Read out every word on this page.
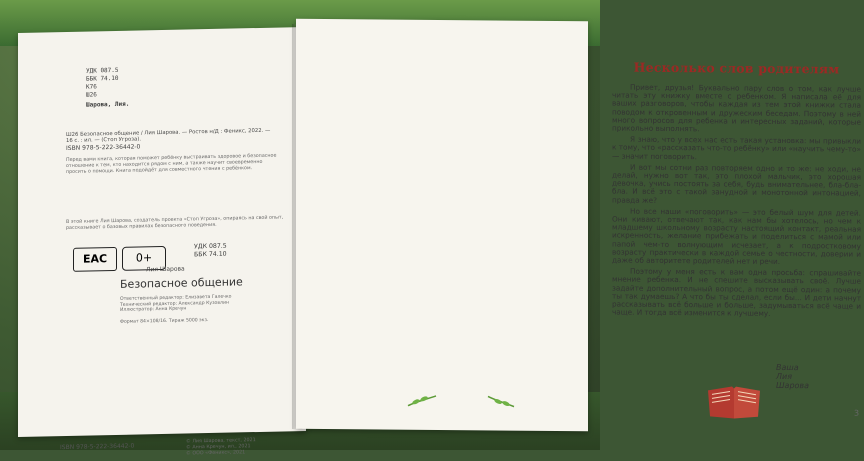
УДК 087.5
ББК 74.10
К76
Ш26
Шарова, Лия.
Ш26 Безопасное общение / Лия Шарова. — Ростов н/Д : Феникс, 2022. — 16 с. : ил. — (Стоп Угроза).
ISBN 978-5-222-36442-0
Перед вами книга, которая поможет ребёнку выстраивать здоровое и безопасное отношение к тем, кто находится рядом с ним, а также научит своевременно просить о помощи. Книга подойдёт для совместного чтения с ребёнком.
В этой книге Лия Шарова, создатель проекта «Стоп Угроза», опираясь на свой опыт, рассказывает о базовых правилах безопасного поведения.
EAC	0+
УДК 087.5
ББК 74.10
Лия Шарова
Безопасное общение
Ответственный редактор: Елизавета Галечко
Технический редактор: Александр Кузовлин
Иллюстратор: Анна Кречун
Формат 84×108/16. Тираж 5000 экз.
ISBN 978-5-222-36442-0
© Лия Шарова, текст, 2021
© Анна Кречун, ил., 2021
© ООО «Феникс», 2021
Несколько слов родителям

Привет, друзья! Буквально пару слов о том, как лучше читать эту книжку вместе с ребенком. Я написала её для ваших разговоров, чтобы каждая из тем этой книжки стала поводом к откровенным и дружеским беседам. Поэтому в ней много вопросов для ребенка и интересных заданий, которые прикольно выполнять.

Я знаю, что у всех нас есть такая установка: мы привыкли к тому, что «рассказать что-то ребёнку» или «научить чему-то» — значит поговорить.

И вот мы сотни раз повторяем одно и то же: не ходи, не делай, нужно вот так, это плохой мальчик, это хорошая девочка, учись постоять за себя, будь внимательнее, бла-бла-бла. И всё это с такой занудной и монотонной интонацией, правда же?

Но все наши «поговорить» — это белый шум для детей. Они кивают, отвечают так, как нам бы хотелось, но чем к младшему школьному возрасту настоящий контакт, реальная искренность, желание прибежать и поделиться с мамой или папой чем-то волнующим исчезает, а к подростковому возрасту практически в каждой семье о честности, доверии и даже об авторитете родителей нет и речи.

Поэтому у меня есть к вам одна просьба: спрашивайте мнение ребенка. И не спешите высказывать своё. Лучше задайте дополнительный вопрос, а потом ещё один: а почему ты так думаешь? А что бы ты сделал, если бы... И дети начнут рассказывать всё больше и больше, задумываться всё чаще и чаще. И тогда всё изменится к лучшему.

Ваша Лия Шарова
3
